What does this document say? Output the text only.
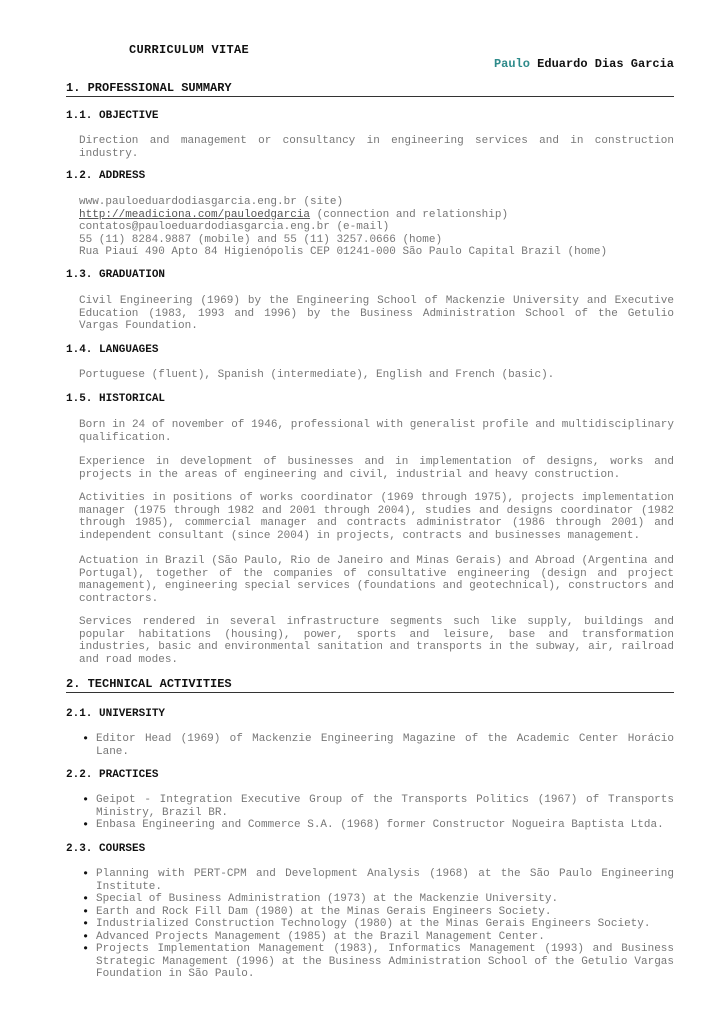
CURRICULUM VITAE
Paulo Eduardo Dias Garcia
1. PROFESSIONAL SUMMARY
1.1. OBJECTIVE
Direction and management or consultancy in engineering services and in construction industry.
1.2. ADDRESS
www.pauloeduardodiasgarcia.eng.br (site)
http://meadiciona.com/pauloedgarcia (connection and relationship)
contatos@pauloeduardodiasgarcia.eng.br (e-mail)
55 (11) 8284.9887 (mobile) and 55 (11) 3257.0666 (home)
Rua Piauí 490 Apto 84 Higienópolis CEP 01241-000 São Paulo Capital Brazil (home)
1.3. GRADUATION
Civil Engineering (1969) by the Engineering School of Mackenzie University and Executive Education (1983, 1993 and 1996) by the Business Administration School of the Getulio Vargas Foundation.
1.4. LANGUAGES
Portuguese (fluent), Spanish (intermediate), English and French (basic).
1.5. HISTORICAL
Born in 24 of november of 1946, professional with generalist profile and multidisciplinary qualification.
Experience in development of businesses and in implementation of designs, works and projects in the areas of engineering and civil, industrial and heavy construction.
Activities in positions of works coordinator (1969 through 1975), projects implementation manager (1975 through 1982 and 2001 through 2004), studies and designs coordinator (1982 through 1985), commercial manager and contracts administrator (1986 through 2001) and independent consultant (since 2004) in projects, contracts and businesses management.
Actuation in Brazil (São Paulo, Rio de Janeiro and Minas Gerais) and Abroad (Argentina and Portugal), together of the companies of consultative engineering (design and project management), engineering special services (foundations and geotechnical), constructors and contractors.
Services rendered in several infrastructure segments such like supply, buildings and popular habitations (housing), power, sports and leisure, base and transformation industries, basic and environmental sanitation and transports in the subway, air, railroad and road modes.
2. TECHNICAL ACTIVITIES
2.1. UNIVERSITY
• Editor Head (1969) of Mackenzie Engineering Magazine of the Academic Center Horácio Lane.
2.2. PRACTICES
• Geipot - Integration Executive Group of the Transports Politics (1967) of Transports Ministry, Brazil BR.
• Enbasa Engineering and Commerce S.A. (1968) former Constructor Nogueira Baptista Ltda.
2.3. COURSES
• Planning with PERT-CPM and Development Analysis (1968) at the São Paulo Engineering Institute.
• Special of Business Administration (1973) at the Mackenzie University.
• Earth and Rock Fill Dam (1980) at the Minas Gerais Engineers Society.
• Industrialized Construction Technology (1980) at the Minas Gerais Engineers Society.
• Advanced Projects Management (1985) at the Brazil Management Center.
• Projects Implementation Management (1983), Informatics Management (1993) and Business Strategic Management (1996) at the Business Administration School of the Getulio Vargas Foundation in São Paulo.
